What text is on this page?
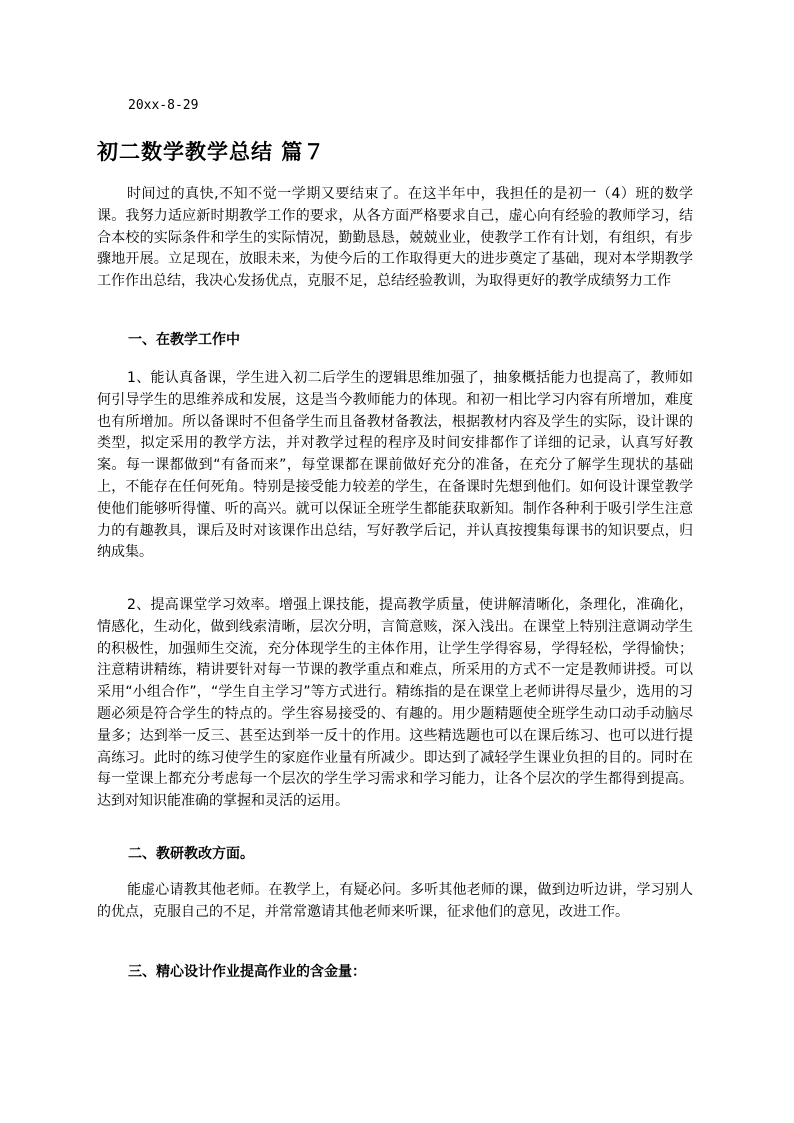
20xx-8-29
初二数学教学总结 篇７

时间过的真快,不知不觉一学期又要结束了。在这半年中，我担任的是初一（4）班的数学课。我努力适应新时期教学工作的要求，从各方面严格要求自己，虚心向有经验的教师学习，结合本校的实际条件和学生的实际情况，勤勤恳恳，兢兢业业，使教学工作有计划，有组织，有步骤地开展。立足现在，放眼未来，为使今后的工作取得更大的进步奠定了基础，现对本学期教学工作作出总结，我决心发扬优点，克服不足，总结经验教训，为取得更好的教学成绩努力工作

一、在教学工作中

1、能认真备课，学生进入初二后学生的逻辑思维加强了，抽象概括能力也提高了，教师如何引导学生的思维养成和发展，这是当今教师能力的体现。和初一相比学习内容有所增加，难度也有所增加。所以备课时不但备学生而且备教材备教法，根据教材内容及学生的实际，设计课的类型，拟定采用的教学方法，并对教学过程的程序及时间安排都作了详细的记录，认真写好教案。每一课都做到“有备而来”，每堂课都在课前做好充分的准备，在充分了解学生现状的基础上，不能存在任何死角。特别是接受能力较差的学生，在备课时先想到他们。如何设计课堂教学使他们能够听得懂、听的高兴。就可以保证全班学生都能获取新知。制作各种利于吸引学生注意力的有趣教具，课后及时对该课作出总结，写好教学后记，并认真按搜集每课书的知识要点，归纳成集。

2、提高课堂学习效率。增强上课技能，提高教学质量，使讲解清晰化，条理化，准确化，情感化，生动化，做到线索清晰，层次分明，言简意赅，深入浅出。在课堂上特别注意调动学生的积极性，加强师生交流，充分体现学生的主体作用，让学生学得容易，学得轻松，学得愉快；注意精讲精练，精讲要针对每一节课的教学重点和难点，所采用的方式不一定是教师讲授。可以采用“小组合作”，“学生自主学习”等方式进行。精练指的是在课堂上老师讲得尽量少，选用的习题必须是符合学生的特点的。学生容易接受的、有趣的。用少题精题使全班学生动口动手动脑尽量多；达到举一反三、甚至达到举一反十的作用。这些精选题也可以在课后练习、也可以进行提高练习。此时的练习使学生的家庭作业量有所减少。即达到了减轻学生课业负担的目的。同时在每一堂课上都充分考虑每一个层次的学生学习需求和学习能力，让各个层次的学生都得到提高。达到对知识能准确的掌握和灵活的运用。

二、教研教改方面。

能虚心请教其他老师。在教学上，有疑必问。多听其他老师的课，做到边听边讲，学习别人的优点，克服自己的不足，并常常邀请其他老师来听课，征求他们的意见，改进工作。

三、精心设计作业提高作业的含金量：
